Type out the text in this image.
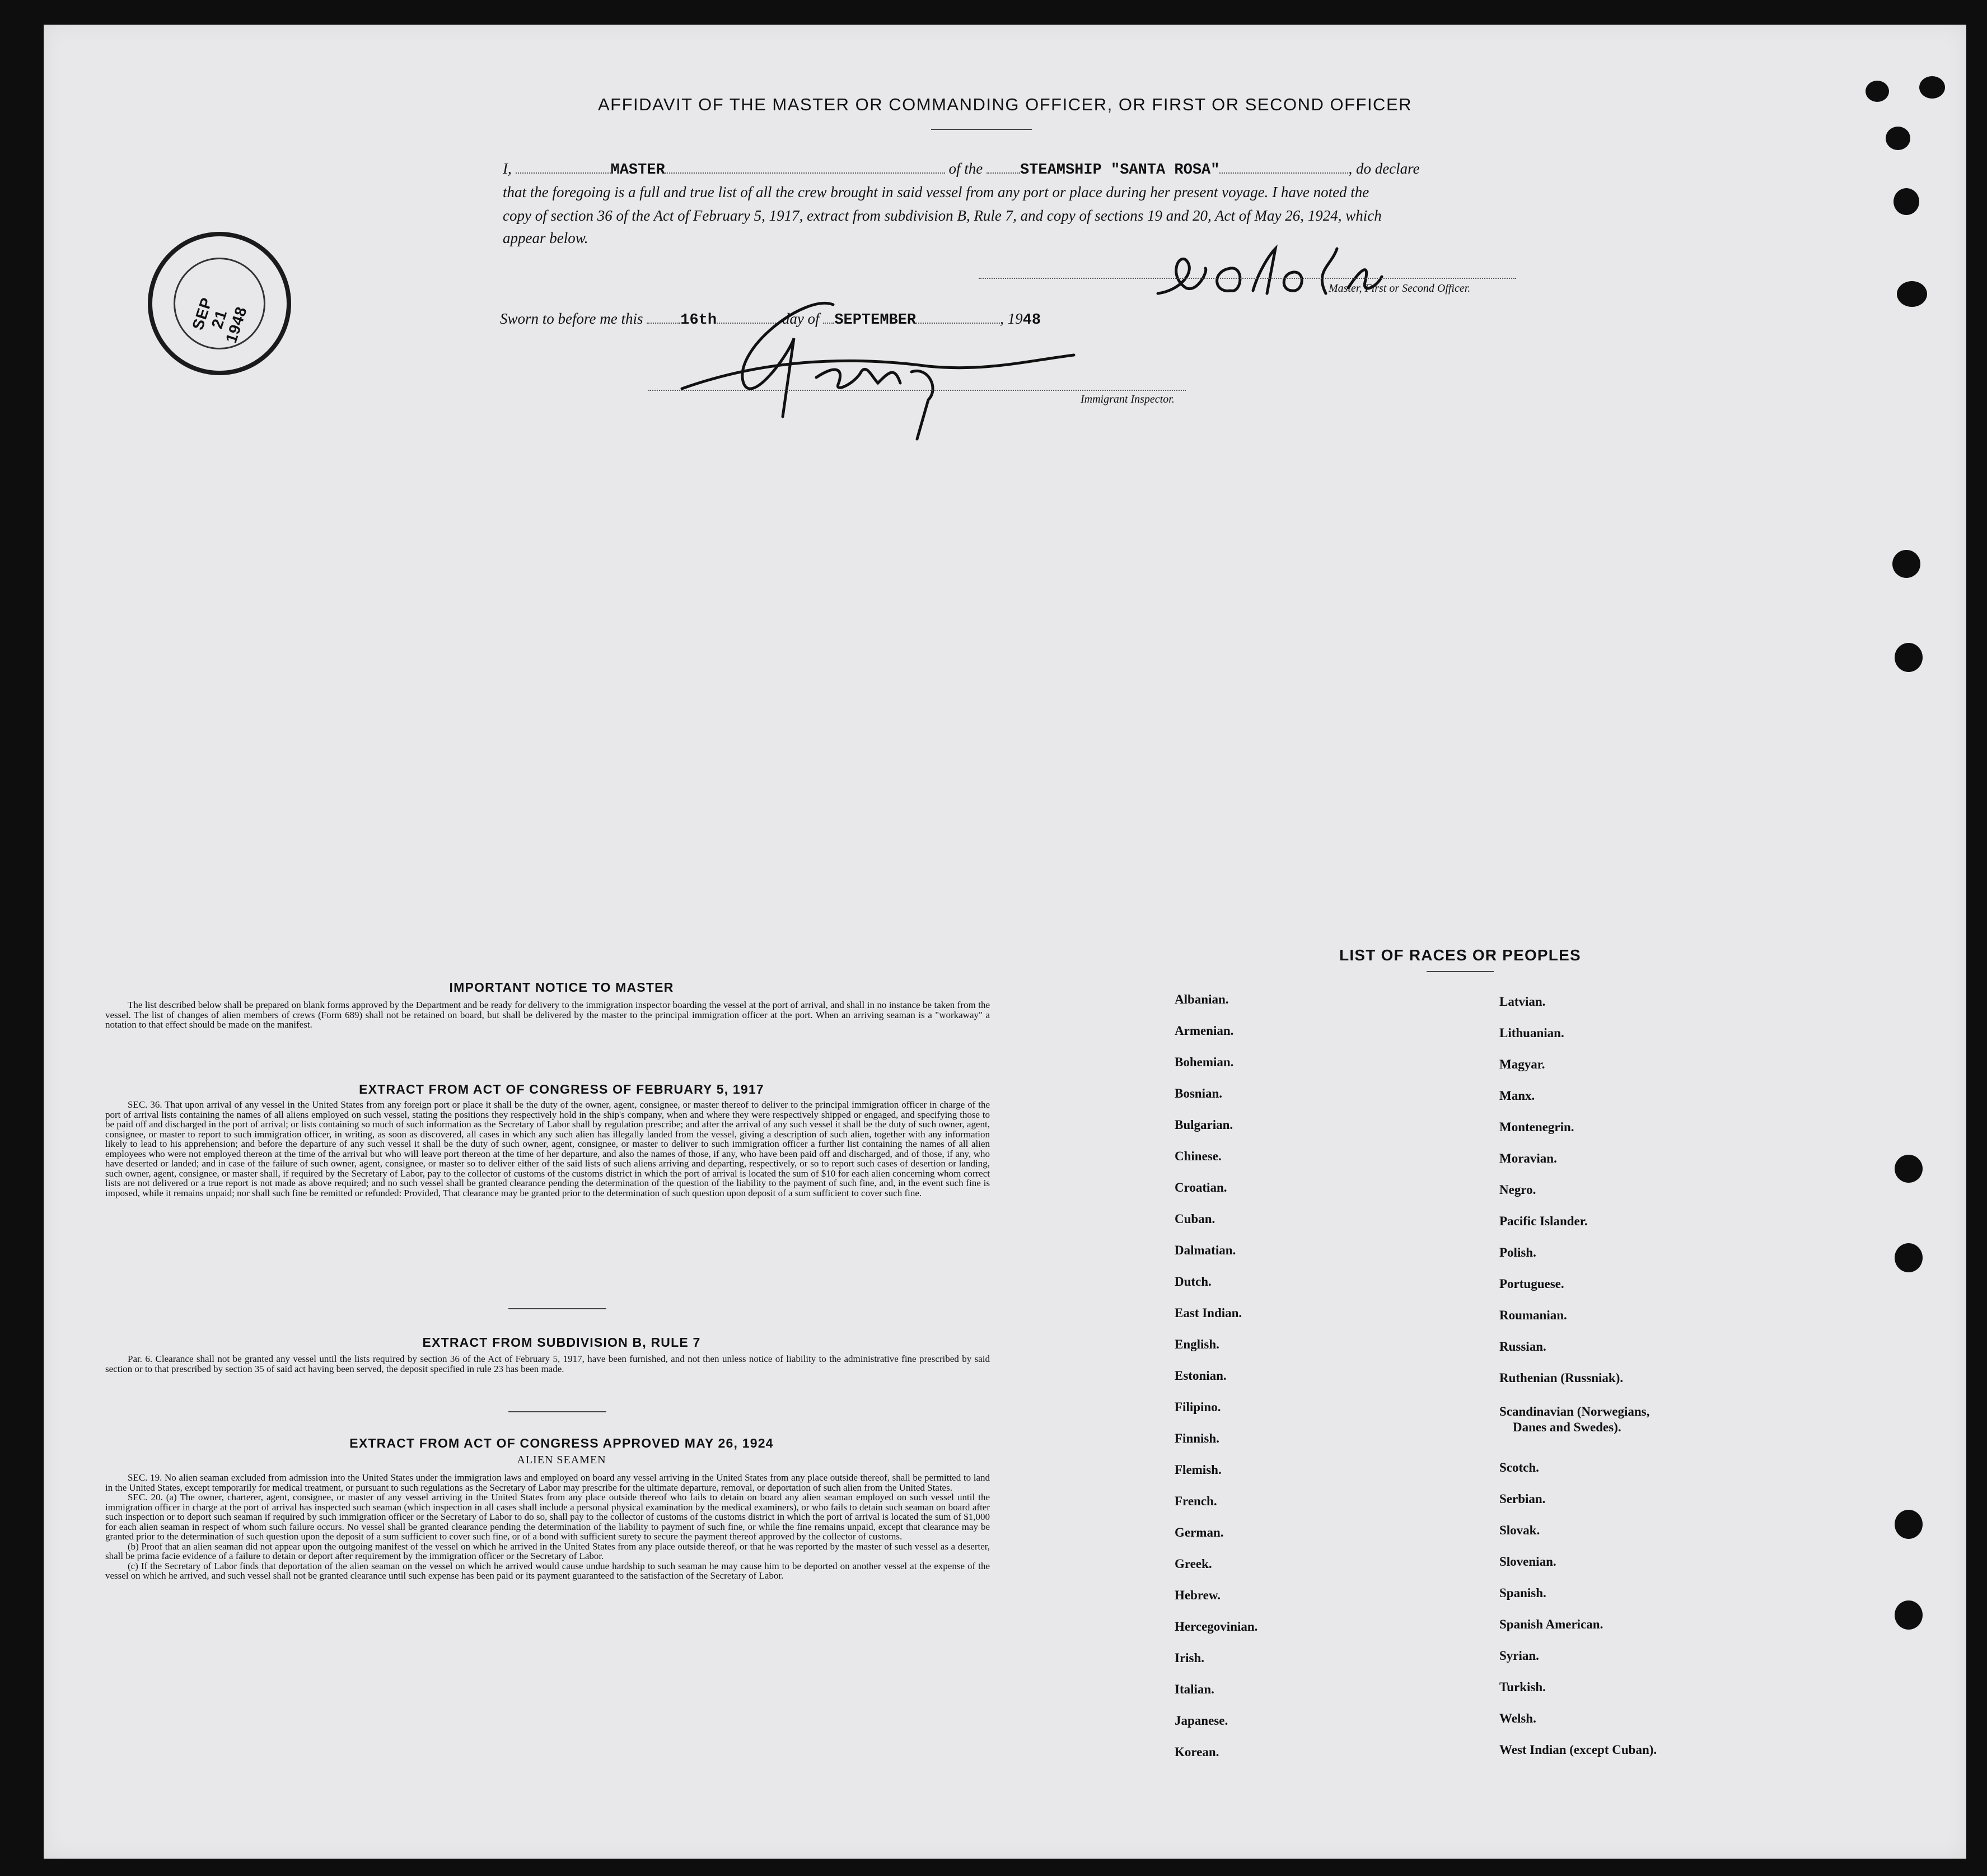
AFFIDAVIT OF THE MASTER OR COMMANDING OFFICER, OR FIRST OR SECOND OFFICER
I,	MASTER	of the STEAMSHIP "SANTA ROSA"	, do declare
that the foregoing is a full and true list of all the crew brought in said vessel from any port or place during her present voyage. I have noted the
copy of section 36 of the Act of February 5, 1917, extract from subdivision B, Rule 7, and copy of sections 19 and 20, Act of May 26, 1924, which
appear below.
Master, First or Second Officer.
Sworn to before me this 16th	day of SEPTEMBER	, 1948
Immigrant Inspector.
SEP 21 1948
IMPORTANT NOTICE TO MASTER
The list described below shall be prepared on blank forms approved by the Department and be ready for delivery to the immigration inspector boarding the vessel at the port of arrival, and shall in no instance be taken from the vessel. The list of changes of alien members of crews (Form 689) shall not be retained on board, but shall be delivered by the master to the principal immigration officer at the port. When an arriving seaman is a "workaway" a notation to that effect should be made on the manifest.
EXTRACT FROM ACT OF CONGRESS OF FEBRUARY 5, 1917
SEC. 36. That upon arrival of any vessel in the United States from any foreign port or place it shall be the duty of the owner, agent, consignee, or master thereof to deliver to the principal immigration officer in charge of the port of arrival lists containing the names of all aliens employed on such vessel, stating the positions they respectively hold in the ship's company, when and where they were respectively shipped or engaged, and specifying those to be paid off and discharged in the port of arrival; or lists containing so much of such information as the Secretary of Labor shall by regulation prescribe; and after the arrival of any such vessel it shall be the duty of such owner, agent, consignee, or master to report to such immigration officer, in writing, as soon as discovered, all cases in which any such alien has illegally landed from the vessel, giving a description of such alien, together with any information likely to lead to his apprehension; and before the departure of any such vessel it shall be the duty of such owner, agent, consignee, or master to deliver to such immigration officer a further list containing the names of all alien employees who were not employed thereon at the time of the arrival but who will leave port thereon at the time of her departure, and also the names of those, if any, who have been paid off and discharged, and of those, if any, who have deserted or landed; and in case of the failure of such owner, agent, consignee, or master so to deliver either of the said lists of such aliens arriving and departing, respectively, or so to report such cases of desertion or landing, such owner, agent, consignee, or master shall, if required by the Secretary of Labor, pay to the collector of customs of the customs district in which the port of arrival is located the sum of $10 for each alien concerning whom correct lists are not delivered or a true report is not made as above required; and no such vessel shall be granted clearance pending the determination of the question of the liability to the payment of such fine, and, in the event such fine is imposed, while it remains unpaid; nor shall such fine be remitted or refunded: Provided, That clearance may be granted prior to the determination of such question upon deposit of a sum sufficient to cover such fine.
EXTRACT FROM SUBDIVISION B, RULE 7
Par. 6. Clearance shall not be granted any vessel until the lists required by section 36 of the Act of February 5, 1917, have been furnished, and not then unless notice of liability to the administrative fine prescribed by said section or to that prescribed by section 35 of said act having been served, the deposit specified in rule 23 has been made.
EXTRACT FROM ACT OF CONGRESS APPROVED MAY 26, 1924
ALIEN SEAMEN
SEC. 19. No alien seaman excluded from admission into the United States under the immigration laws and employed on board any vessel arriving in the United States from any place outside thereof, shall be permitted to land in the United States, except temporarily for medical treatment, or pursuant to such regulations as the Secretary of Labor may prescribe for the ultimate departure, removal, or deportation of such alien from the United States.
SEC. 20. (a) The owner, charterer, agent, consignee, or master of any vessel arriving in the United States from any place outside thereof who fails to detain on board any alien seaman employed on such vessel until the immigration officer in charge at the port of arrival has inspected such seaman (which inspection in all cases shall include a personal physical examination by the medical examiners), or who fails to detain such seaman on board after such inspection or to deport such seaman if required by such immigration officer or the Secretary of Labor to do so, shall pay to the collector of customs of the customs district in which the port of arrival is located the sum of $1,000 for each alien seaman in respect of whom such failure occurs. No vessel shall be granted clearance pending the determination of the liability to payment of such fine, or while the fine remains unpaid, except that clearance may be granted prior to the determination of such question upon the deposit of a sum sufficient to cover such fine, or of a bond with sufficient surety to secure the payment thereof approved by the collector of customs.
(b) Proof that an alien seaman did not appear upon the outgoing manifest of the vessel on which he arrived in the United States from any place outside thereof, or that he was reported by the master of such vessel as a deserter, shall be prima facie evidence of a failure to detain or deport after requirement by the immigration officer or the Secretary of Labor.
(c) If the Secretary of Labor finds that deportation of the alien seaman on the vessel on which he arrived would cause undue hardship to such seaman he may cause him to be deported on another vessel at the expense of the vessel on which he arrived, and such vessel shall not be granted clearance until such expense has been paid or its payment guaranteed to the satisfaction of the Secretary of Labor.
LIST OF RACES OR PEOPLES
Albanian.
Armenian.
Bohemian.
Bosnian.
Bulgarian.
Chinese.
Croatian.
Cuban.
Dalmatian.
Dutch.
East Indian.
English.
Estonian.
Filipino.
Finnish.
Flemish.
French.
German.
Greek.
Hebrew.
Hercegovinian.
Irish.
Italian.
Japanese.
Korean.
Latvian.
Lithuanian.
Magyar.
Manx.
Montenegrin.
Moravian.
Negro.
Pacific Islander.
Polish.
Portuguese.
Roumanian.
Russian.
Ruthenian (Russniak).
Scandinavian (Norwegians,
Danes and Swedes).
Scotch.
Serbian.
Slovak.
Slovenian.
Spanish.
Spanish American.
Syrian.
Turkish.
Welsh.
West Indian (except Cuban).
